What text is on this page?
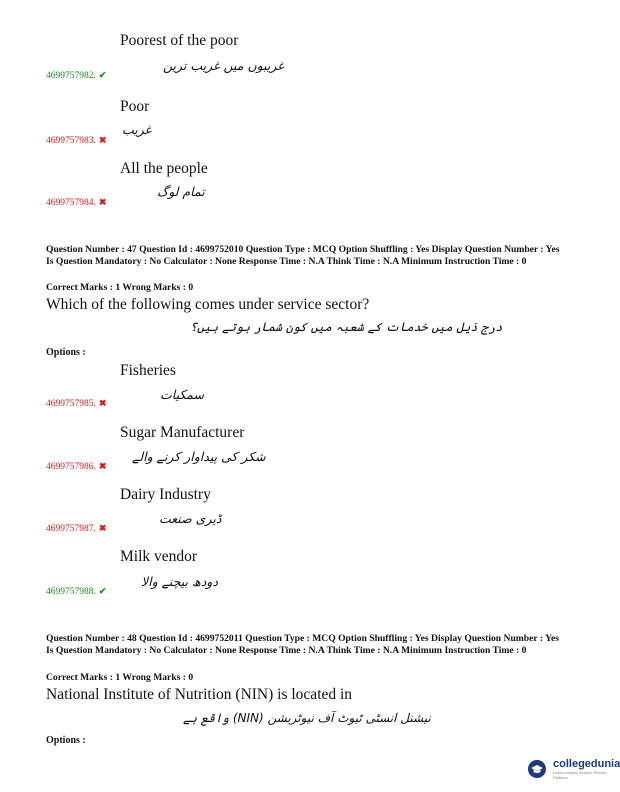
Poorest of the poor
غریبوں میں غریب ترین
4699757982. ✔
Poor
غریب
4699757983. ✖
All the people
تمام لوگ
4699757984. ✖
Question Number : 47 Question Id : 4699752010 Question Type : MCQ Option Shuffling : Yes Display Question Number : Yes Is Question Mandatory : No Calculator : None Response Time : N.A Think Time : N.A Minimum Instruction Time : 0
Correct Marks : 1 Wrong Marks : 0
Which of the following comes under service sector?
درج ذیل میں خدمات کے شعبہ میں کون شمار ہوتے ہیں؟
Options :
Fisheries
سمکیات
4699757985. ✖
Sugar Manufacturer
شکر کی پیداوار کرنے والے
4699757986. ✖
Dairy Industry
ڈیری صنعت
4699757987. ✖
Milk vendor
دودھ بیچنے والا
4699757988. ✔
Question Number : 48 Question Id : 4699752011 Question Type : MCQ Option Shuffling : Yes Display Question Number : Yes Is Question Mandatory : No Calculator : None Response Time : N.A Think Time : N.A Minimum Instruction Time : 0
Correct Marks : 1 Wrong Marks : 0
National Institute of Nutrition (NIN) is located in
نیشنل انسٹی ٹیوٹ آف نیوٹریشن (NIN) واقع ہے
Options :
collegedunia
India's largest Student Review Platform
